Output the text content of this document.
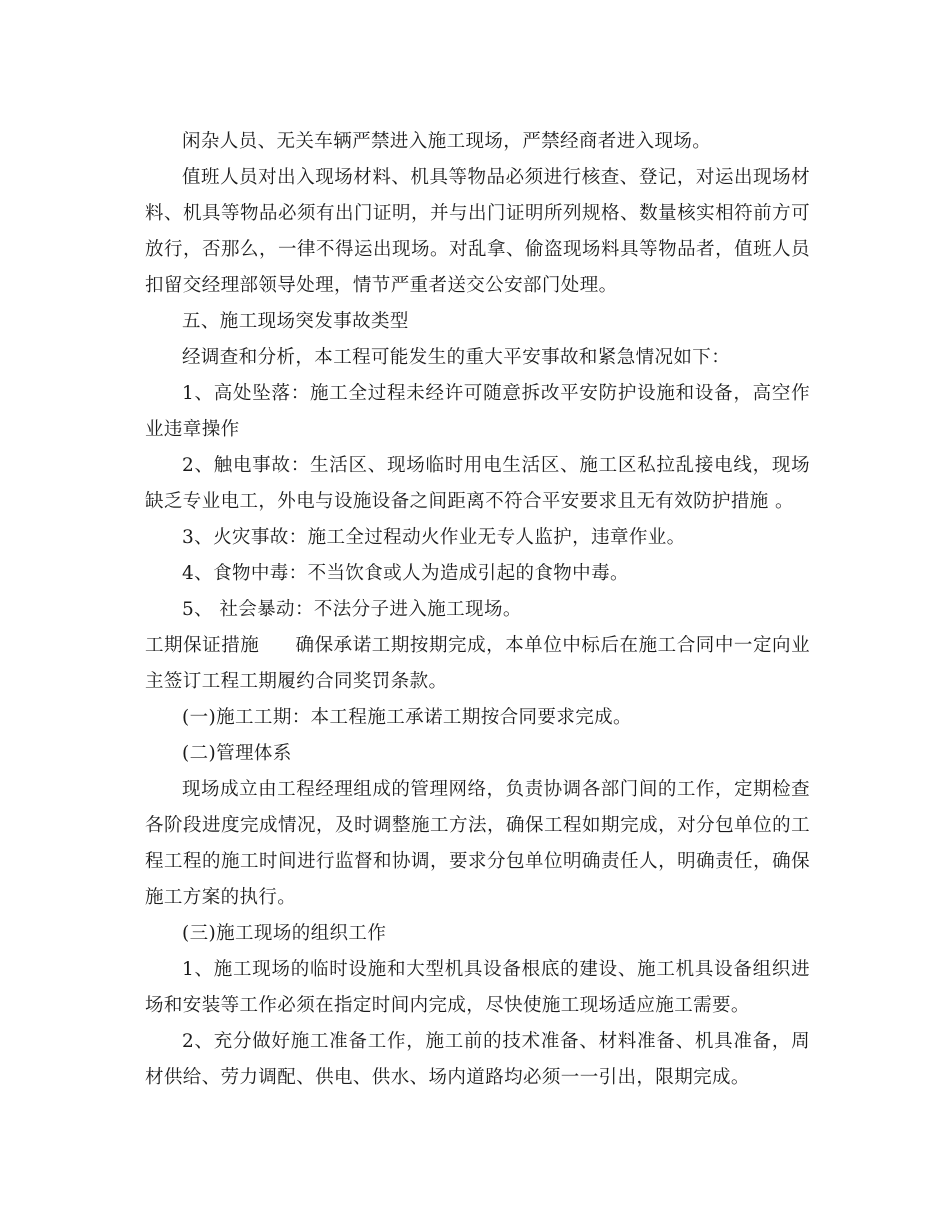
闲杂人员、无关车辆严禁进入施工现场，严禁经商者进入现场。

值班人员对出入现场材料、机具等物品必须进行核查、登记，对运出现场材料、机具等物品必须有出门证明，并与出门证明所列规格、数量核实相符前方可放行，否那么，一律不得运出现场。对乱拿、偷盗现场料具等物品者，值班人员扣留交经理部领导处理，情节严重者送交公安部门处理。

五、施工现场突发事故类型

经调查和分析，本工程可能发生的重大平安事故和紧急情况如下：

1、高处坠落：施工全过程未经许可随意拆改平安防护设施和设备，高空作业违章操作

2、触电事故：生活区、现场临时用电生活区、施工区私拉乱接电线，现场缺乏专业电工，外电与设施设备之间距离不符合平安要求且无有效防护措施 。

3、火灾事故：施工全过程动火作业无专人监护，违章作业。

4、食物中毒：不当饮食或人为造成引起的食物中毒。

5、 社会暴动：不法分子进入施工现场。

工期保证措施 确保承诺工期按期完成，本单位中标后在施工合同中一定向业主签订工程工期履约合同奖罚条款。

(一)施工工期：本工程施工承诺工期按合同要求完成。

(二)管理体系

现场成立由工程经理组成的管理网络，负责协调各部门间的工作，定期检查各阶段进度完成情况，及时调整施工方法，确保工程如期完成，对分包单位的工程工程的施工时间进行监督和协调，要求分包单位明确责任人，明确责任，确保施工方案的执行。

(三)施工现场的组织工作

1、施工现场的临时设施和大型机具设备根底的建设、施工机具设备组织进场和安装等工作必须在指定时间内完成，尽快使施工现场适应施工需要。

2、充分做好施工准备工作，施工前的技术准备、材料准备、机具准备，周材供给、劳力调配、供电、供水、场内道路均必须一一引出，限期完成。
